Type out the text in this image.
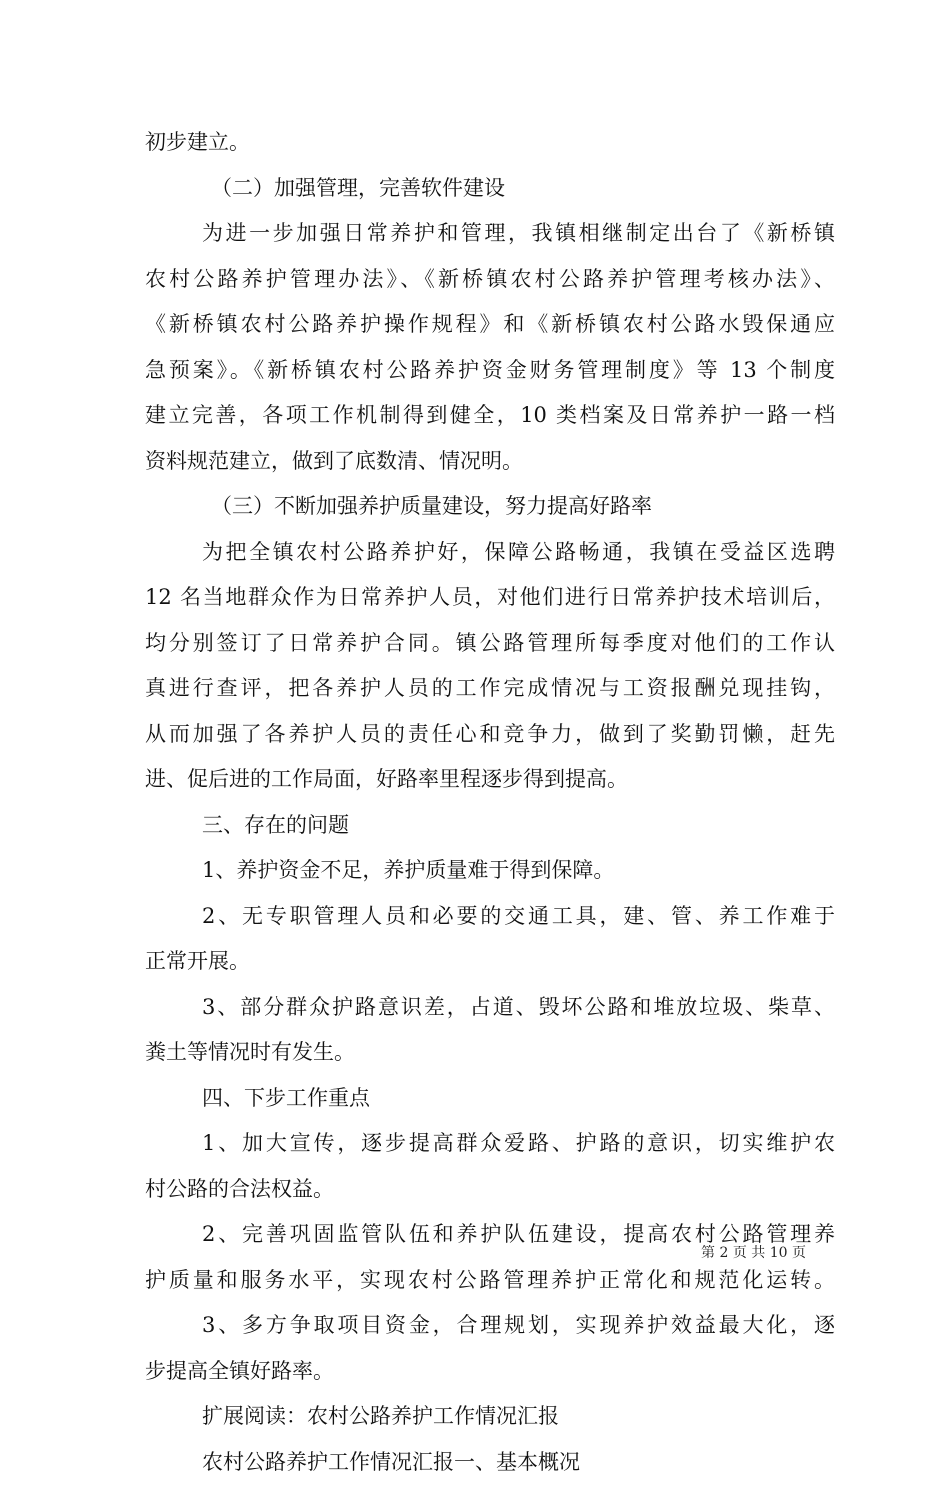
初步建立。
（二）加强管理，完善软件建设
为进一步加强日常养护和管理，我镇相继制定出台了《新桥镇
农村公路养护管理办法》、《新桥镇农村公路养护管理考核办法》、
《新桥镇农村公路养护操作规程》和《新桥镇农村公路水毁保通应
急预案》。《新桥镇农村公路养护资金财务管理制度》等 13 个制度
建立完善，各项工作机制得到健全，10 类档案及日常养护一路一档
资料规范建立，做到了底数清、情况明。
（三）不断加强养护质量建设，努力提高好路率
为把全镇农村公路养护好，保障公路畅通，我镇在受益区选聘
12 名当地群众作为日常养护人员，对他们进行日常养护技术培训后，
均分别签订了日常养护合同。镇公路管理所每季度对他们的工作认
真进行查评，把各养护人员的工作完成情况与工资报酬兑现挂钩，
从而加强了各养护人员的责任心和竞争力，做到了奖勤罚懒，赶先
进、促后进的工作局面，好路率里程逐步得到提高。
三、存在的问题
1、养护资金不足，养护质量难于得到保障。
2、无专职管理人员和必要的交通工具，建、管、养工作难于
正常开展。
3、部分群众护路意识差，占道、毁坏公路和堆放垃圾、柴草、
粪土等情况时有发生。
四、下步工作重点
1、加大宣传，逐步提高群众爱路、护路的意识，切实维护农
村公路的合法权益。
2、完善巩固监管队伍和养护队伍建设，提高农村公路管理养
护质量和服务水平，实现农村公路管理养护正常化和规范化运转。
3、多方争取项目资金，合理规划，实现养护效益最大化，逐
步提高全镇好路率。
扩展阅读：农村公路养护工作情况汇报
农村公路养护工作情况汇报一、基本概况
第 2 页 共 10 页
